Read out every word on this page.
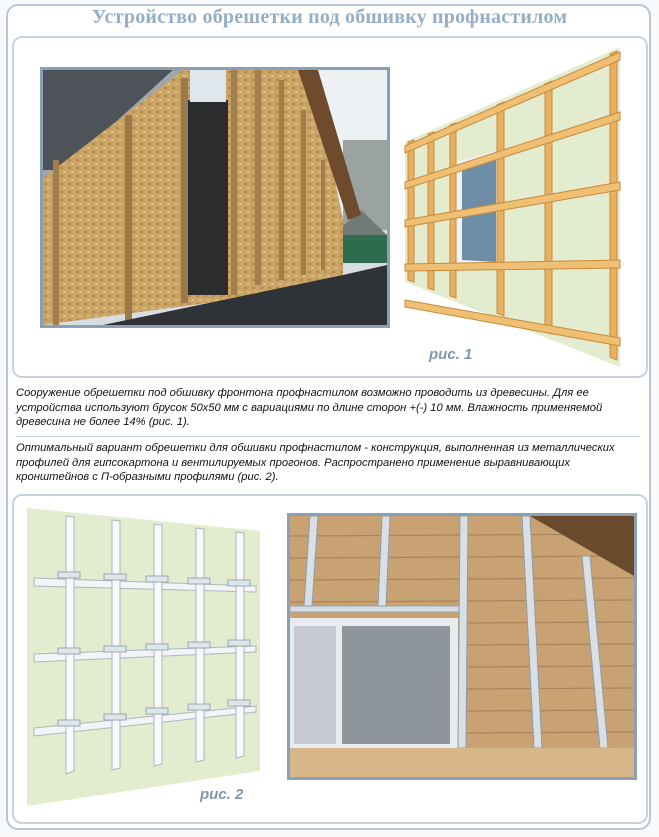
Устройство обрешетки под обшивку профнастилом
рис. 1
Сооружение обрешетки под обшивку фронтона профнастилом возможно проводить из древесины. Для ее устройства используют брусок 50х50 мм с вариациями по длине сторон +(-) 10 мм. Влажность применяемой древесина не более 14% (рис. 1).
Оптимальный вариант обрешетки для обшивки профнастилом - конструкция, выполненная из металлических профилей для гипсокартона и вентилируемых прогонов. Распространено применение выравнивающих кронштейнов с П-образными профилями (рис. 2).
рис. 2
